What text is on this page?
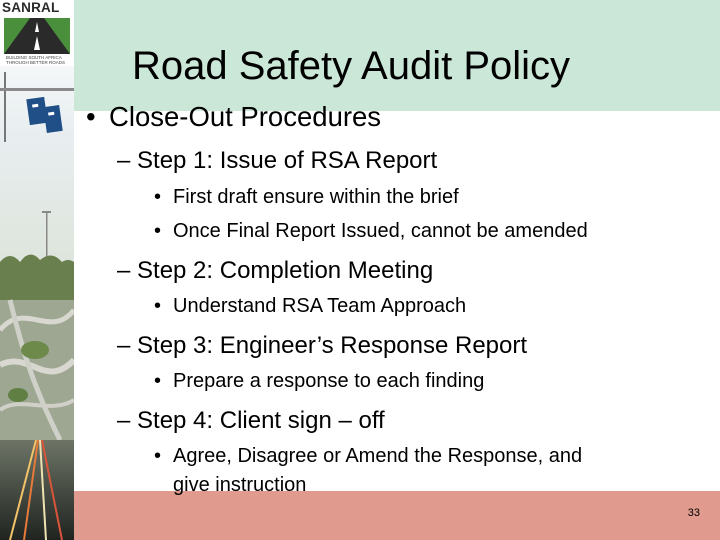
SANRAL
BUILDING SOUTH AFRICA
THROUGH BETTER ROADS Road Safety Audit Policy
• Close-Out Procedures
– Step 1: Issue of RSA Report
• First draft ensure within the brief
• Once Final Report Issued, cannot be amended
– Step 2: Completion Meeting
• Understand RSA Team Approach
– Step 3: Engineer’s Response Report
• Prepare a response to each finding
– Step 4: Client sign – off
• Agree, Disagree or Amend the Response, and
give instruction
33
